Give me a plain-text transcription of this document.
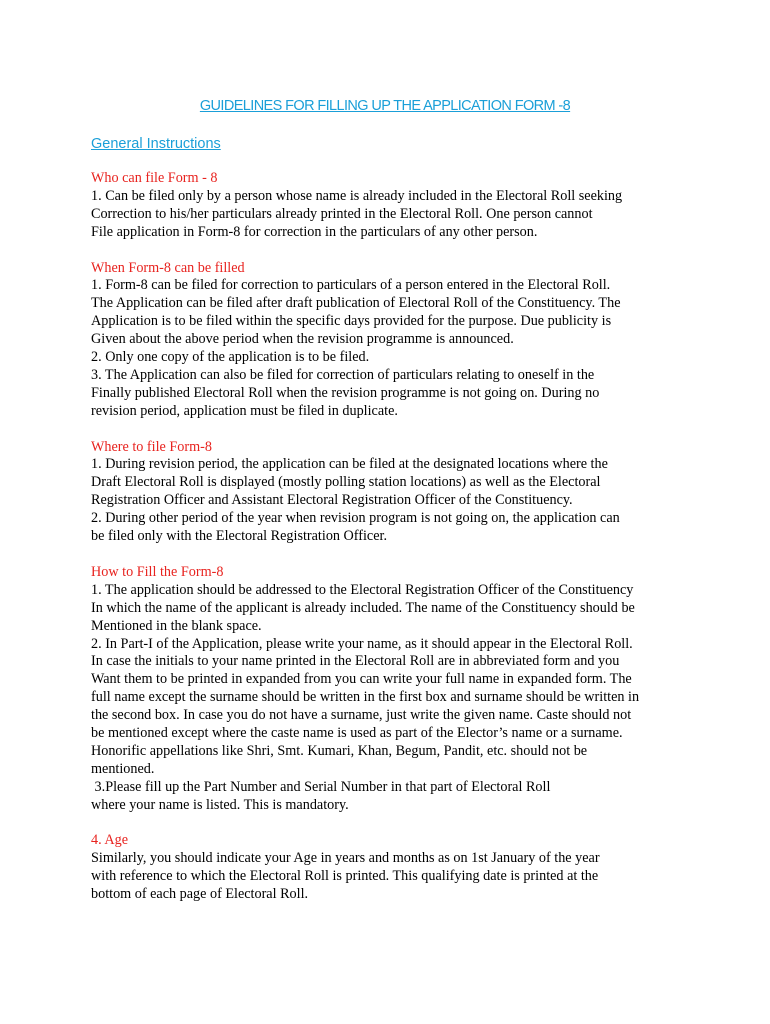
GUIDELINES FOR FILLING UP THE APPLICATION FORM -8
General Instructions

Who can file Form - 8

1. Can be filed only by a person whose name is already included in the Electoral Roll seeking

Correction to his/her particulars already printed in the Electoral Roll. One person cannot

File application in Form-8 for correction in the particulars of any other person.

When Form-8 can be filled

1. Form-8 can be filed for correction to particulars of a person entered in the Electoral Roll.

The Application can be filed after draft publication of Electoral Roll of the Constituency. The

Application is to be filed within the specific days provided for the purpose. Due publicity is

Given about the above period when the revision programme is announced.

2. Only one copy of the application is to be filed.

3. The Application can also be filed for correction of particulars relating to oneself in the

Finally published Electoral Roll when the revision programme is not going on. During no

revision period, application must be filed in duplicate.

Where to file Form-8

1. During revision period, the application can be filed at the designated locations where the

Draft Electoral Roll is displayed (mostly polling station locations) as well as the Electoral

Registration Officer and Assistant Electoral Registration Officer of the Constituency.

2. During other period of the year when revision program is not going on, the application can

be filed only with the Electoral Registration Officer.

How to Fill the Form-8

1. The application should be addressed to the Electoral Registration Officer of the Constituency

In which the name of the applicant is already included. The name of the Constituency should be

Mentioned in the blank space.

2. In Part-I of the Application, please write your name, as it should appear in the Electoral Roll.

In case the initials to your name printed in the Electoral Roll are in abbreviated form and you

Want them to be printed in expanded from you can write your full name in expanded form. The

full name except the surname should be written in the first box and surname should be written in

the second box. In case you do not have a surname, just write the given name. Caste should not

be mentioned except where the caste name is used as part of the Elector’s name or a surname.

Honorific appellations like Shri, Smt. Kumari, Khan, Begum, Pandit, etc. should not be

mentioned.

3.Please fill up the Part Number and Serial Number in that part of Electoral Roll

where your name is listed. This is mandatory.

4. Age

Similarly, you should indicate your Age in years and months as on 1st January of the year

with reference to which the Electoral Roll is printed. This qualifying date is printed at the

bottom of each page of Electoral Roll.
